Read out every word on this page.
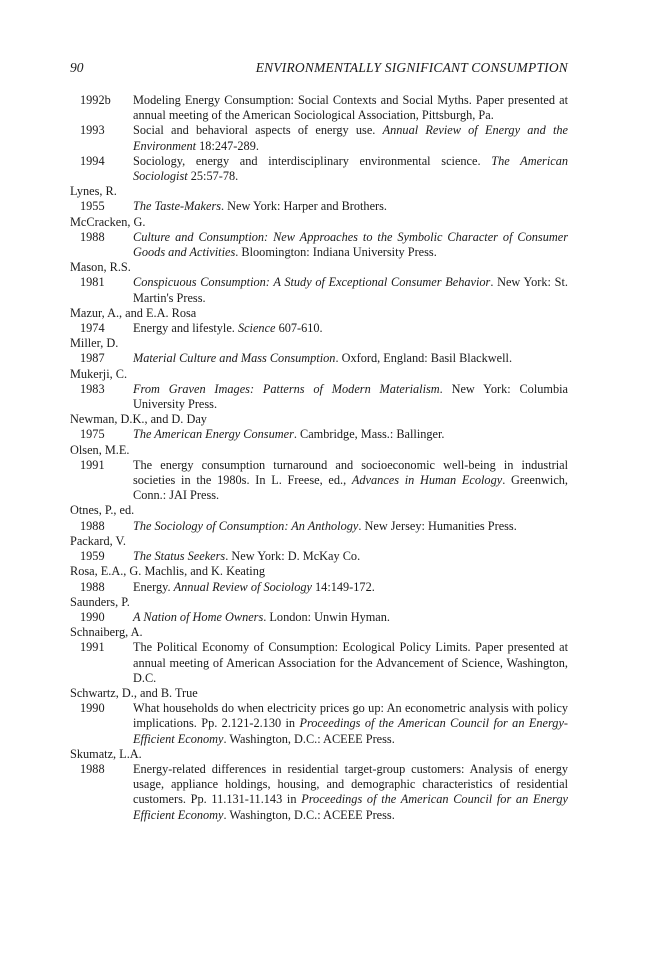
90	ENVIRONMENTALLY SIGNIFICANT CONSUMPTION
1992b Modeling Energy Consumption: Social Contexts and Social Myths. Paper presented at annual meeting of the American Sociological Association, Pittsburgh, Pa.
1993 Social and behavioral aspects of energy use. Annual Review of Energy and the Environment 18:247-289.
1994 Sociology, energy and interdisciplinary environmental science. The American Sociologist 25:57-78.
Lynes, R.
1955 The Taste-Makers. New York: Harper and Brothers.
McCracken, G.
1988 Culture and Consumption: New Approaches to the Symbolic Character of Consumer Goods and Activities. Bloomington: Indiana University Press.
Mason, R.S.
1981 Conspicuous Consumption: A Study of Exceptional Consumer Behavior. New York: St. Martin's Press.
Mazur, A., and E.A. Rosa
1974 Energy and lifestyle. Science 607-610.
Miller, D.
1987 Material Culture and Mass Consumption. Oxford, England: Basil Blackwell.
Mukerji, C.
1983 From Graven Images: Patterns of Modern Materialism. New York: Columbia University Press.
Newman, D.K., and D. Day
1975 The American Energy Consumer. Cambridge, Mass.: Ballinger.
Olsen, M.E.
1991 The energy consumption turnaround and socioeconomic well-being in industrial societies in the 1980s. In L. Freese, ed., Advances in Human Ecology. Greenwich, Conn.: JAI Press.
Otnes, P., ed.
1988 The Sociology of Consumption: An Anthology. New Jersey: Humanities Press.
Packard, V.
1959 The Status Seekers. New York: D. McKay Co.
Rosa, E.A., G. Machlis, and K. Keating
1988 Energy. Annual Review of Sociology 14:149-172.
Saunders, P.
1990 A Nation of Home Owners. London: Unwin Hyman.
Schnaiberg, A.
1991 The Political Economy of Consumption: Ecological Policy Limits. Paper presented at annual meeting of American Association for the Advancement of Science, Washington, D.C.
Schwartz, D., and B. True
1990 What households do when electricity prices go up: An econometric analysis with policy implications. Pp. 2.121-2.130 in Proceedings of the American Council for an Energy-Efficient Economy. Washington, D.C.: ACEEE Press.
Skumatz, L.A.
1988 Energy-related differences in residential target-group customers: Analysis of energy usage, appliance holdings, housing, and demographic characteristics of residential customers. Pp. 11.131-11.143 in Proceedings of the American Council for an Energy Efficient Economy. Washington, D.C.: ACEEE Press.
